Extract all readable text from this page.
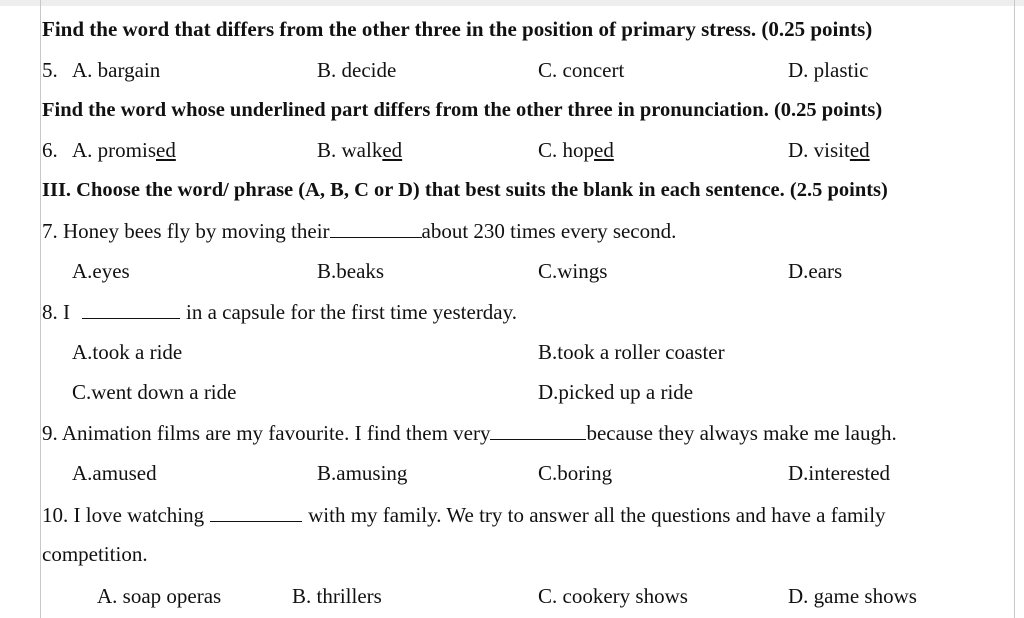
Find the word that differs from the other three in the position of primary stress. (0.25 points)
5. A. bargain	B. decide	C. concert	D. plastic
Find the word whose underlined part differs from the other three in pronunciation. (0.25 points)
6. A. promised	B. walked	C. hoped	D. visited
III. Choose the word/ phrase (A, B, C or D) that best suits the blank in each sentence. (2.5 points)
7. Honey bees fly by moving their	about 230 times every second.
A.eyes	B.beaks	C.wings	D.ears
8. I	in a capsule for the first time yesterday.
A.took a ride	B.took a roller coaster
C.went down a ride	D.picked up a ride
9. Animation films are my favourite. I find them very	because they always make me laugh.
A.amused	B.amusing	C.boring	D.interested
10. I love watching	with my family. We try to answer all the questions and have a family
competition.
A. soap operas	B. thrillers	C. cookery shows	D. game shows
